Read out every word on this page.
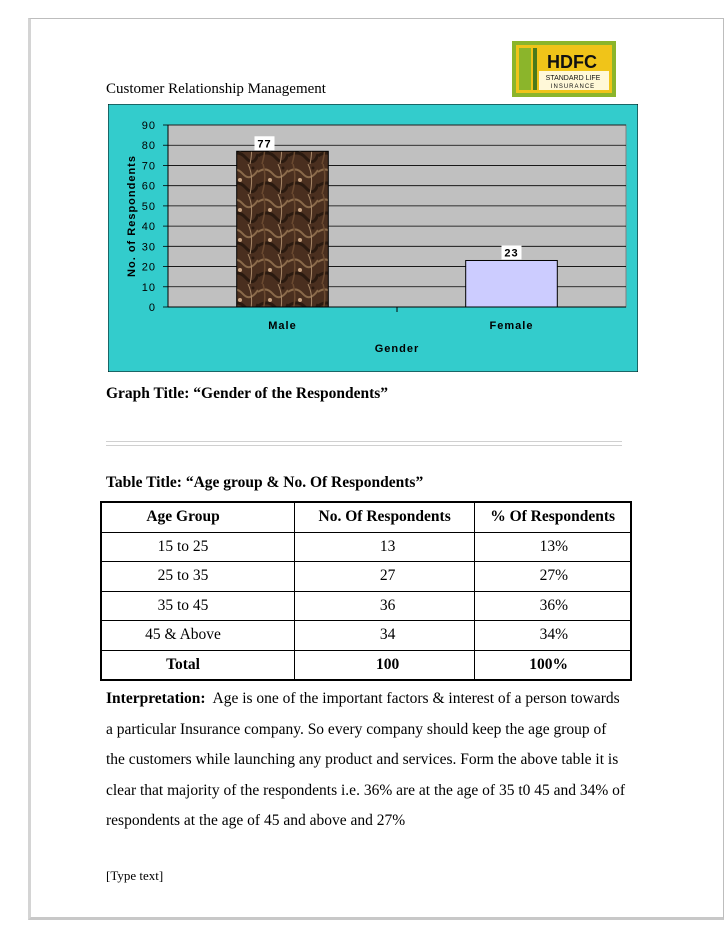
Customer Relationship Management
HDFC
STANDARD LIFE
INSURANCE
0
10
20
30
40
50
60
70
80
90
77
23
Male	Female
Gender
No. of Respondents
Graph Title: “Gender of the Respondents”
Table Title: “Age group & No. Of Respondents”
Age Group	No. Of Respondents	% Of Respondents
15 to 25	13	13%
25 to 35	27	27%
35 to 45	36	36%
45 & Above	34	34%
Total	100	100%
Interpretation: Age is one of the important factors & interest of a person towards a particular Insurance company. So every company should keep the age group of the customers while launching any product and services. Form the above table it is clear that majority of the respondents i.e. 36% are at the age of 35 t0 45 and 34% of respondents at the age of 45 and above and 27%
[Type text]
